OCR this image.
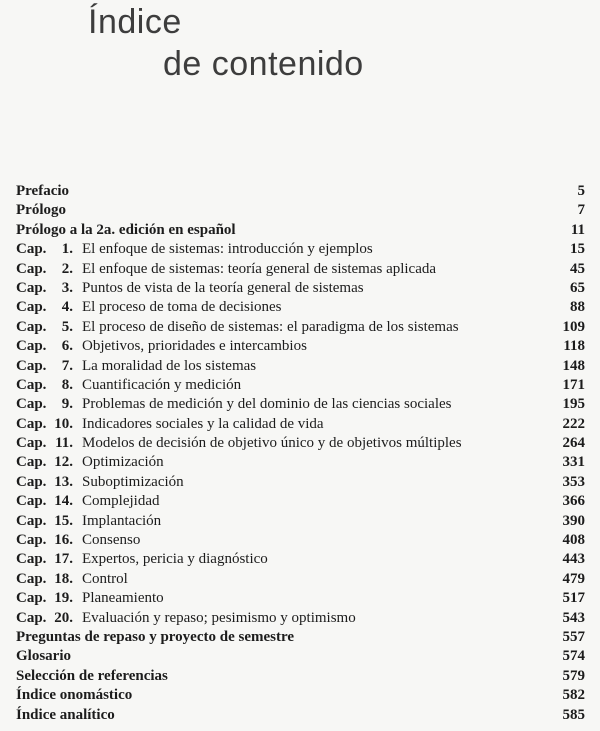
Índice
de contenido
Prefacio	5
Prólogo	7
Prólogo a la 2a. edición en español	11
Cap. 1. El enfoque de sistemas: introducción y ejemplos	15
Cap. 2. El enfoque de sistemas: teoría general de sistemas aplicada	45
Cap. 3. Puntos de vista de la teoría general de sistemas	65
Cap. 4. El proceso de toma de decisiones	88
Cap. 5. El proceso de diseño de sistemas: el paradigma de los sistemas	109
Cap. 6. Objetivos, prioridades e intercambios	118
Cap. 7. La moralidad de los sistemas	148
Cap. 8. Cuantificación y medición	171
Cap. 9. Problemas de medición y del dominio de las ciencias sociales	195
Cap. 10. Indicadores sociales y la calidad de vida	222
Cap. 11. Modelos de decisión de objetivo único y de objetivos múltiples	264
Cap. 12. Optimización	331
Cap. 13. Suboptimización	353
Cap. 14. Complejidad	366
Cap. 15. Implantación	390
Cap. 16. Consenso	408
Cap. 17. Expertos, pericia y diagnóstico	443
Cap. 18. Control	479
Cap. 19. Planeamiento	517
Cap. 20. Evaluación y repaso; pesimismo y optimismo	543
Preguntas de repaso y proyecto de semestre	557
Glosario	574
Selección de referencias	579
Índice onomástico	582
Índice analítico	585
